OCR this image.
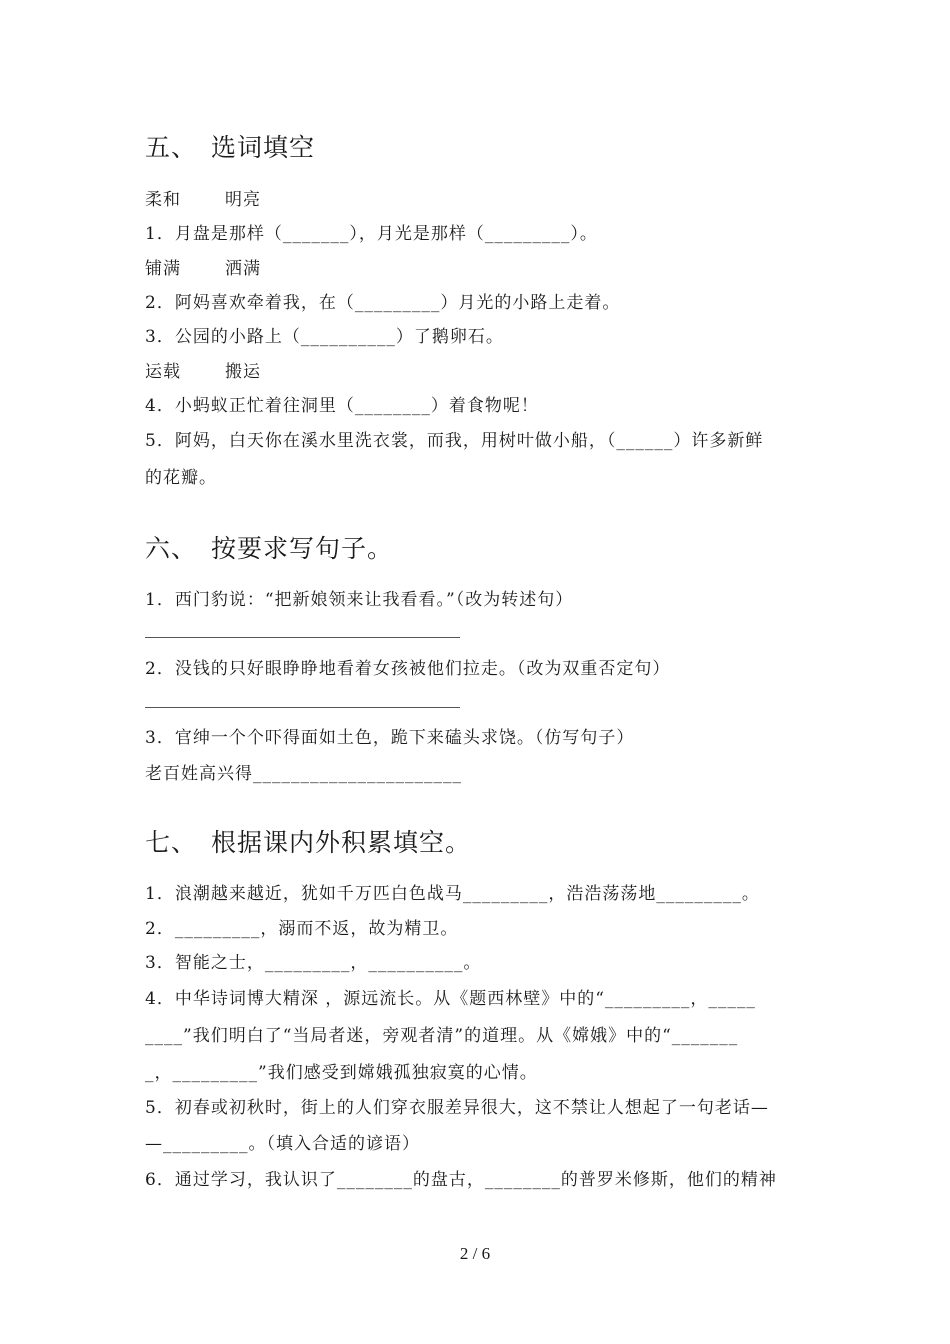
五、 选词填空
柔和	明亮
1．月盘是那样（_______），月光是那样（_________）。
铺满	洒满
2．阿妈喜欢牵着我，在（_________）月光的小路上走着。
3．公园的小路上（__________）了鹅卵石。
运载	搬运
4．小蚂蚁正忙着往洞里（________）着食物呢！
5．阿妈，白天你在溪水里洗衣裳，而我，用树叶做小船，（______）许多新鲜
的花瓣。
六、 按要求写句子。
1．西门豹说：“把新娘领来让我看看。”（改为转述句）
2．没钱的只好眼睁睁地看着女孩被他们拉走。（改为双重否定句）
3．官绅一个个吓得面如土色，跪下来磕头求饶。（仿写句子）
老百姓高兴得______________________
七、 根据课内外积累填空。
1．浪潮越来越近，犹如千万匹白色战马_________，浩浩荡荡地_________。
2．_________，溺而不返，故为精卫。
3．智能之士，_________，__________。
4．中华诗词博大精深 ，源远流长。从《题西林壁》中的“_________，_____
____”我们明白了“当局者迷，旁观者清”的道理。从《嫦娥》中的“_______
_，_________”我们感受到嫦娥孤独寂寞的心情。
5．初春或初秋时，街上的人们穿衣服差异很大，这不禁让人想起了一句老话—
—_________。（填入合适的谚语）
6．通过学习，我认识了________的盘古，________的普罗米修斯，他们的精神
2 / 6
